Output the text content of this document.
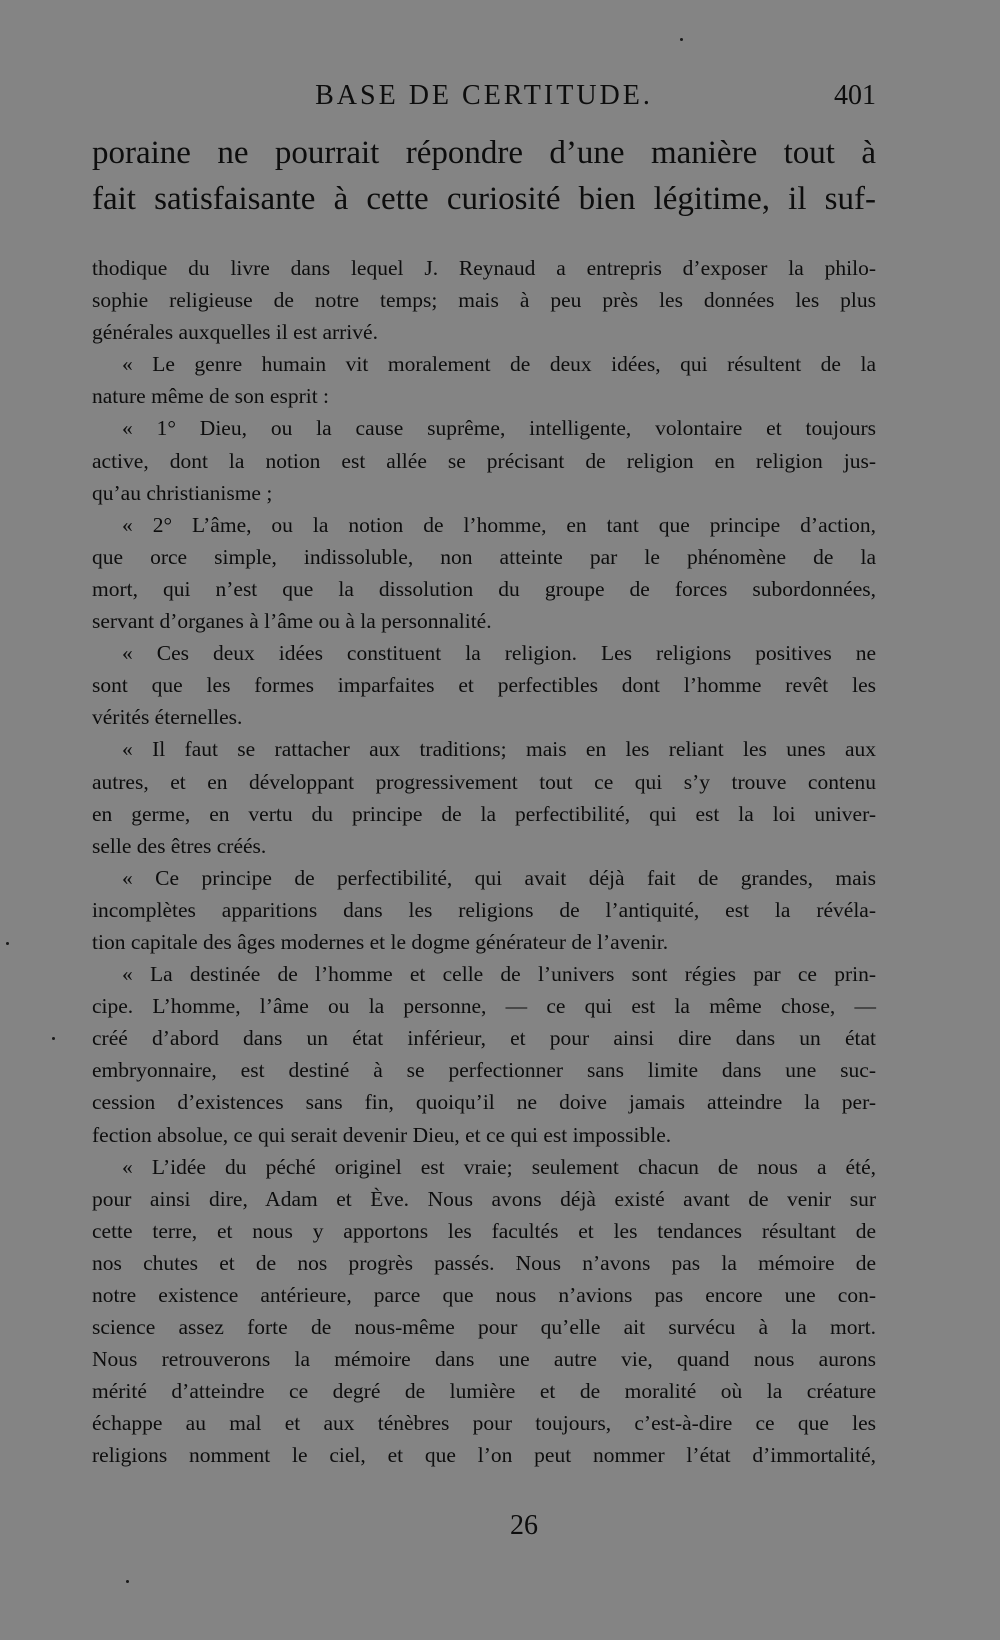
BASE DE CERTITUDE.	401
poraine ne pourrait répondre d’une manière tout à
fait satisfaisante à cette curiosité bien légitime, il suf-
thodique du livre dans lequel J. Reynaud a entrepris d’exposer la philo-
sophie religieuse de notre temps; mais à peu près les données les plus
générales auxquelles il est arrivé.
« Le genre humain vit moralement de deux idées, qui résultent de la
nature même de son esprit :
« 1° Dieu, ou la cause suprême, intelligente, volontaire et toujours
active, dont la notion est allée se précisant de religion en religion jus-
qu’au christianisme ;
« 2° L’âme, ou la notion de l’homme, en tant que principe d’action,
que orce simple, indissoluble, non atteinte par le phénomène de la
mort, qui n’est que la dissolution du groupe de forces subordonnées,
servant d’organes à l’âme ou à la personnalité.
« Ces deux idées constituent la religion. Les religions positives ne
sont que les formes imparfaites et perfectibles dont l’homme revêt les
vérités éternelles.
« Il faut se rattacher aux traditions; mais en les reliant les unes aux
autres, et en développant progressivement tout ce qui s’y trouve contenu
en germe, en vertu du principe de la perfectibilité, qui est la loi univer-
selle des êtres créés.
« Ce principe de perfectibilité, qui avait déjà fait de grandes, mais
incomplètes apparitions dans les religions de l’antiquité, est la révéla-
tion capitale des âges modernes et le dogme générateur de l’avenir.
« La destinée de l’homme et celle de l’univers sont régies par ce prin-
cipe. L’homme, l’âme ou la personne, — ce qui est la même chose, —
créé d’abord dans un état inférieur, et pour ainsi dire dans un état
embryonnaire, est destiné à se perfectionner sans limite dans une suc-
cession d’existences sans fin, quoiqu’il ne doive jamais atteindre la per-
fection absolue, ce qui serait devenir Dieu, et ce qui est impossible.
« L’idée du péché originel est vraie; seulement chacun de nous a été,
pour ainsi dire, Adam et Ève. Nous avons déjà existé avant de venir sur
cette terre, et nous y apportons les facultés et les tendances résultant de
nos chutes et de nos progrès passés. Nous n’avons pas la mémoire de
notre existence antérieure, parce que nous n’avions pas encore une con-
science assez forte de nous-même pour qu’elle ait survécu à la mort.
Nous retrouverons la mémoire dans une autre vie, quand nous aurons
mérité d’atteindre ce degré de lumière et de moralité où la créature
échappe au mal et aux ténèbres pour toujours, c’est-à-dire ce que les
religions nomment le ciel, et que l’on peut nommer l’état d’immortalité,
26
